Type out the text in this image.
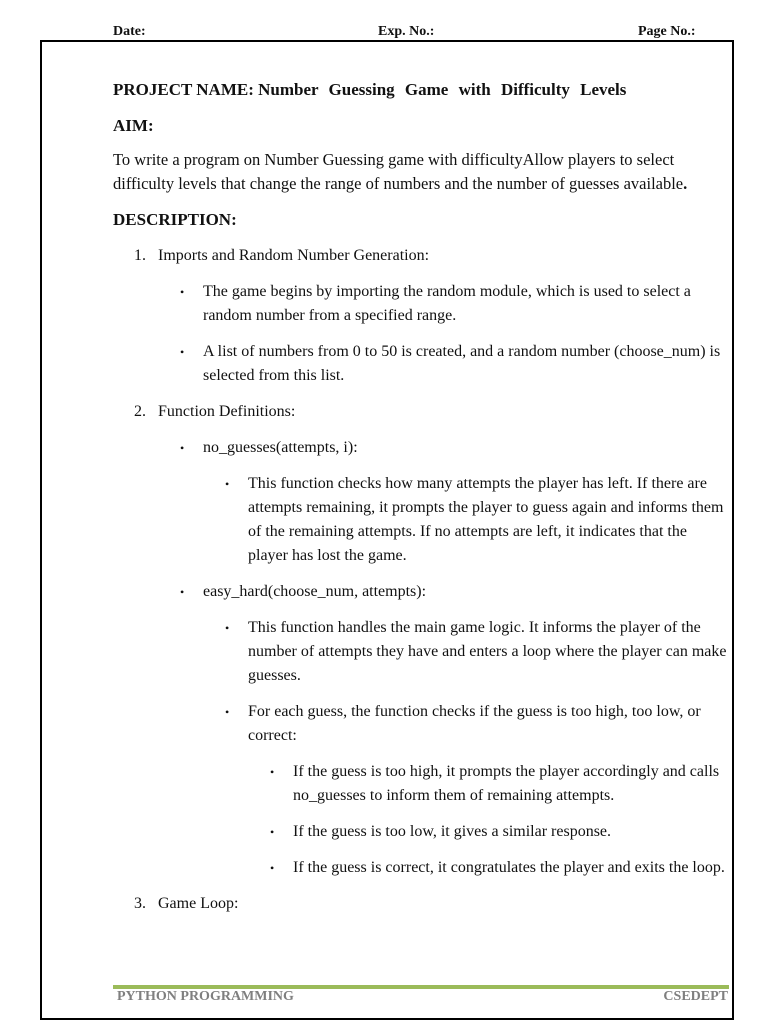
Date:	Exp. No.:	Page No.:

PROJECT NAME: Number Guessing Game with Difficulty Levels

AIM:

To write a program on Number Guessing game with difficultyAllow players to select difficulty levels that change the range of numbers and the number of guesses available.

DESCRIPTION:

1. Imports and Random Number Generation:
• The game begins by importing the random module, which is used to select a random number from a specified range.
• A list of numbers from 0 to 50 is created, and a random number (choose_num) is selected from this list.
2. Function Definitions:
• no_guesses(attempts, i):
• This function checks how many attempts the player has left. If there are attempts remaining, it prompts the player to guess again and informs them of the remaining attempts. If no attempts are left, it indicates that the player has lost the game.
• easy_hard(choose_num, attempts):
• This function handles the main game logic. It informs the player of the number of attempts they have and enters a loop where the player can make guesses.
• For each guess, the function checks if the guess is too high, too low, or correct:
• If the guess is too high, it prompts the player accordingly and calls no_guesses to inform them of remaining attempts.
• If the guess is too low, it gives a similar response.
• If the guess is correct, it congratulates the player and exits the loop.
3. Game Loop:
PYTHON PROGRAMMING	CSEDEPT
